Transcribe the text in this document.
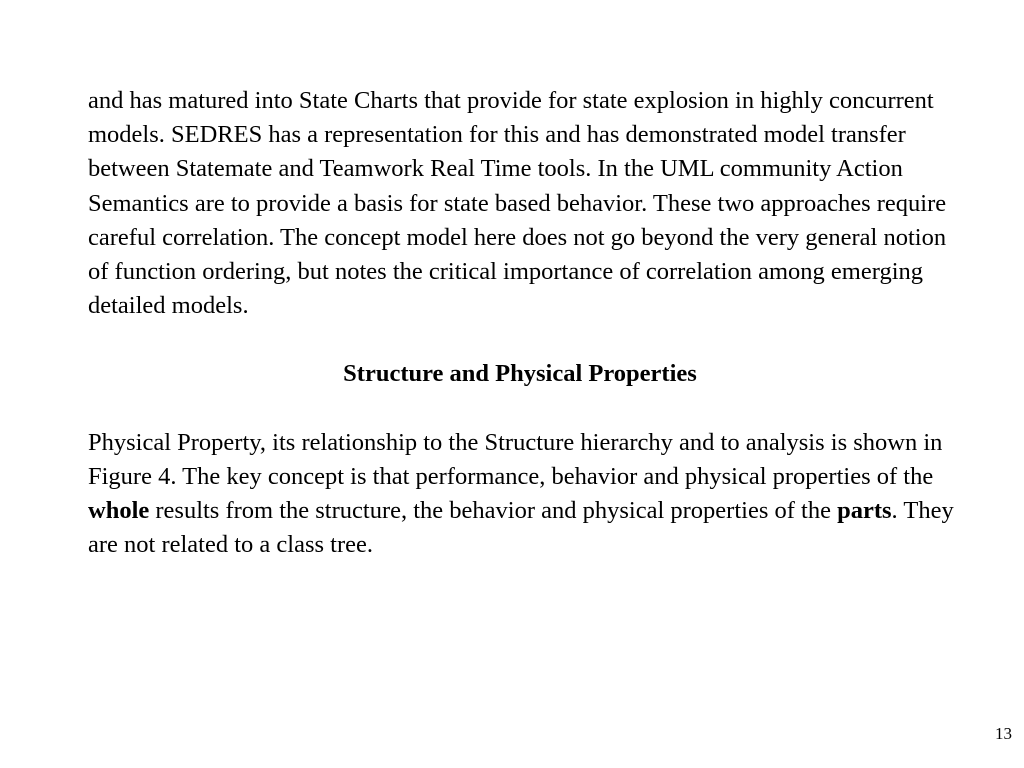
and has matured into State Charts that provide for state explosion in highly concurrent models. SEDRES has a representation for this and has demonstrated model transfer between Statemate and Teamwork Real Time tools. In the UML community Action Semantics are to provide a basis for state based behavior. These two approaches require careful correlation. The concept model here does not go beyond the very general notion of function ordering, but notes the critical importance of correlation among emerging detailed models.

Structure and Physical Properties

Physical Property, its relationship to the Structure hierarchy and to analysis is shown in Figure 4. The key concept is that performance, behavior and physical properties of the whole results from the structure, the behavior and physical properties of the parts. They are not related to a class tree.

13
